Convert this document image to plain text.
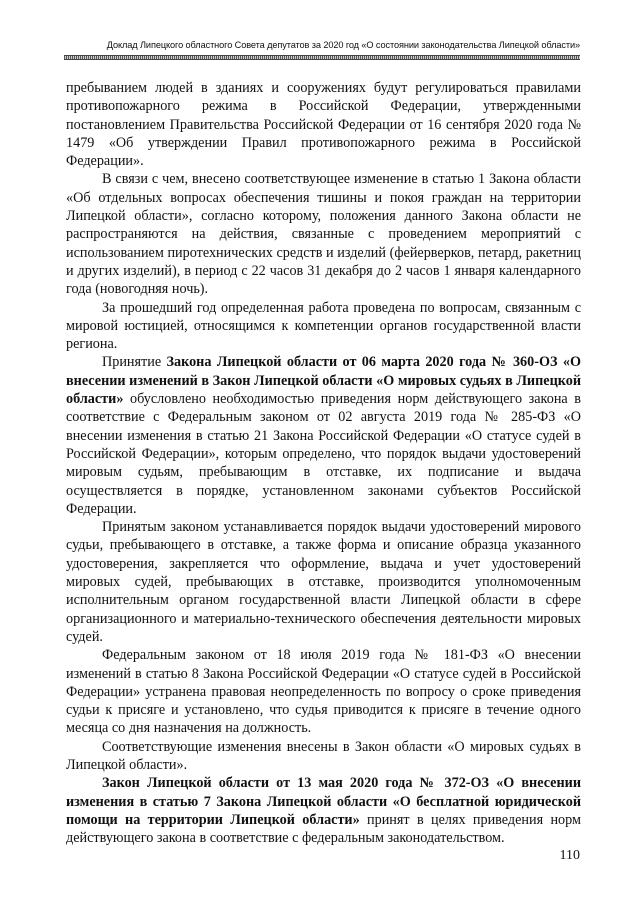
Доклад Липецкого областного Совета депутатов за 2020 год «О состоянии законодательства Липецкой области»

пребыванием людей в зданиях и сооружениях будут регулироваться правилами противопожарного режима в Российской Федерации, утвержденными постановлением Правительства Российской Федерации от 16 сентября 2020 года № 1479 «Об утверждении Правил противопожарного режима в Российской Федерации».

В связи с чем, внесено соответствующее изменение в статью 1 Закона области «Об отдельных вопросах обеспечения тишины и покоя граждан на территории Липецкой области», согласно которому, положения данного Закона области не распространяются на действия, связанные с проведением мероприятий с использованием пиротехнических средств и изделий (фейерверков, петард, ракетниц и других изделий), в период с 22 часов 31 декабря до 2 часов 1 января календарного года (новогодняя ночь).

За прошедший год определенная работа проведена по вопросам, связанным с мировой юстицией, относящимся к компетенции органов государственной власти региона.

Принятие Закона Липецкой области от 06 марта 2020 года № 360-ОЗ «О внесении изменений в Закон Липецкой области «О мировых судьях в Липецкой области» обусловлено необходимостью приведения норм действующего закона в соответствие с Федеральным законом от 02 августа 2019 года № 285-ФЗ «О внесении изменения в статью 21 Закона Российской Федерации «О статусе судей в Российской Федерации», которым определено, что порядок выдачи удостоверений мировым судьям, пребывающим в отставке, их подписание и выдача осуществляется в порядке, установленном законами субъектов Российской Федерации.

Принятым законом устанавливается порядок выдачи удостоверений мирового судьи, пребывающего в отставке, а также форма и описание образца указанного удостоверения, закрепляется что оформление, выдача и учет удостоверений мировых судей, пребывающих в отставке, производится уполномоченным исполнительным органом государственной власти Липецкой области в сфере организационного и материально-технического обеспечения деятельности мировых судей.

Федеральным законом от 18 июля 2019 года № 181-ФЗ «О внесении изменений в статью 8 Закона Российской Федерации «О статусе судей в Российской Федерации» устранена правовая неопределенность по вопросу о сроке приведения судьи к присяге и установлено, что судья приводится к присяге в течение одного месяца со дня назначения на должность.

Соответствующие изменения внесены в Закон области «О мировых судьях в Липецкой области».

Закон Липецкой области от 13 мая 2020 года № 372-ОЗ «О внесении изменения в статью 7 Закона Липецкой области «О бесплатной юридической помощи на территории Липецкой области» принят в целях приведения норм действующего закона в соответствие с федеральным законодательством.

110
